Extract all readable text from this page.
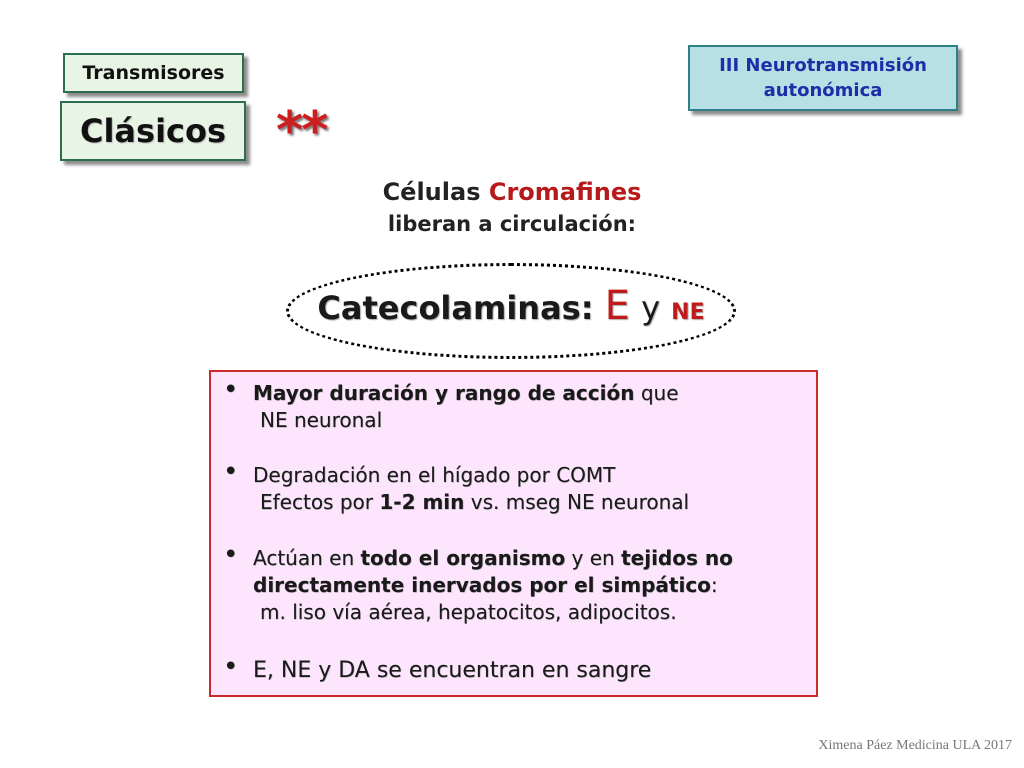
Transmisores
Clásicos **
III Neurotransmisión
autonómica
Células Cromafines
liberan a circulación:
Catecolaminas: E y NE
• Mayor duración y rango de acción que
NE neuronal
• Degradación en el hígado por COMT
Efectos por 1-2 min vs. mseg NE neuronal
• Actúan en todo el organismo y en tejidos no
directamente inervados por el simpático:
m. liso vía aérea, hepatocitos, adipocitos.
• E, NE y DA se encuentran en sangre
Ximena Páez Medicina ULA 2017
